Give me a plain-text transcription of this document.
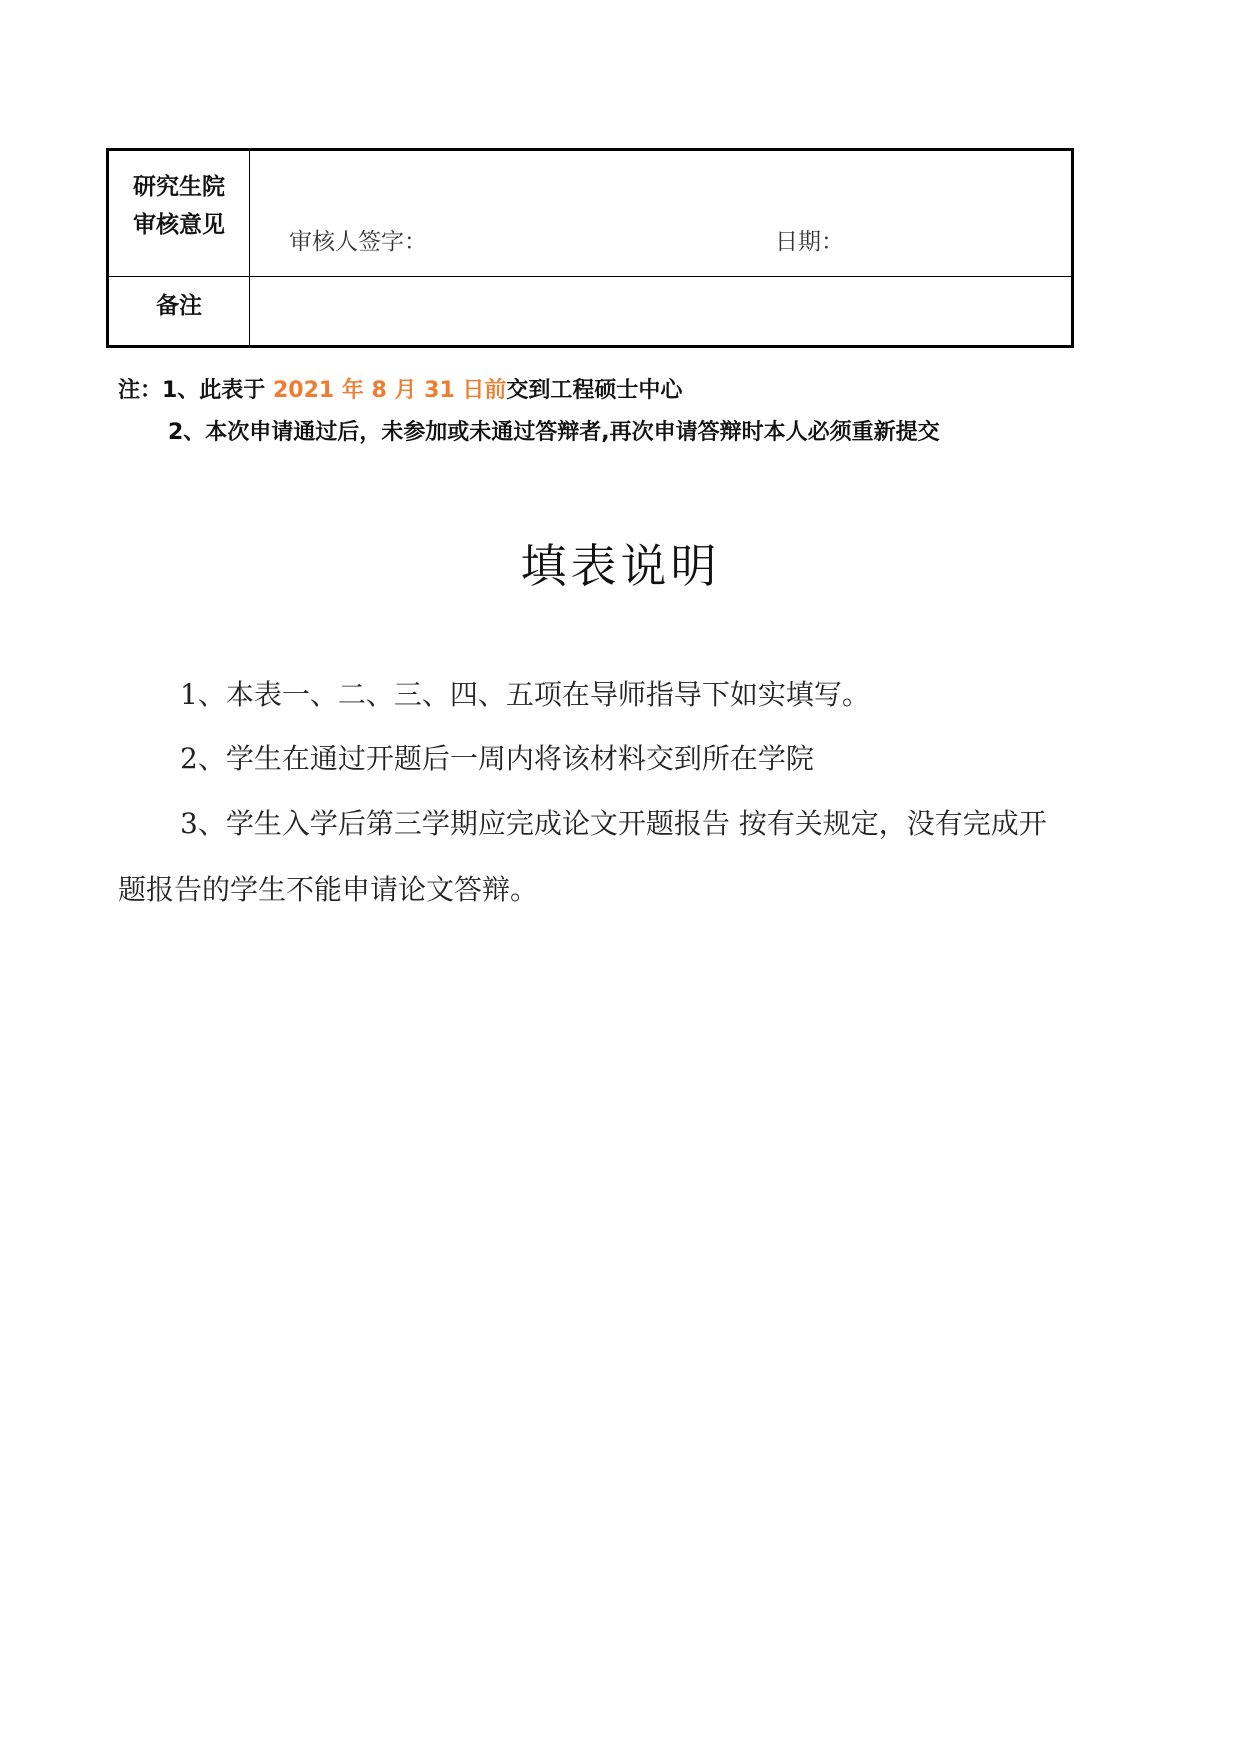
研究生院
审核意见
审核人签字：	日期：
备注
注：1、此表于 2021 年 8 月 31 日前交到工程硕士中心
2、本次申请通过后，未参加或未通过答辩者,再次申请答辩时本人必须重新提交
填表说明
1、本表一、二、三、四、五项在导师指导下如实填写。
2、学生在通过开题后一周内将该材料交到所在学院
3、学生入学后第三学期应完成论文开题报告 按有关规定，没有完成开
题报告的学生不能申请论文答辩。
